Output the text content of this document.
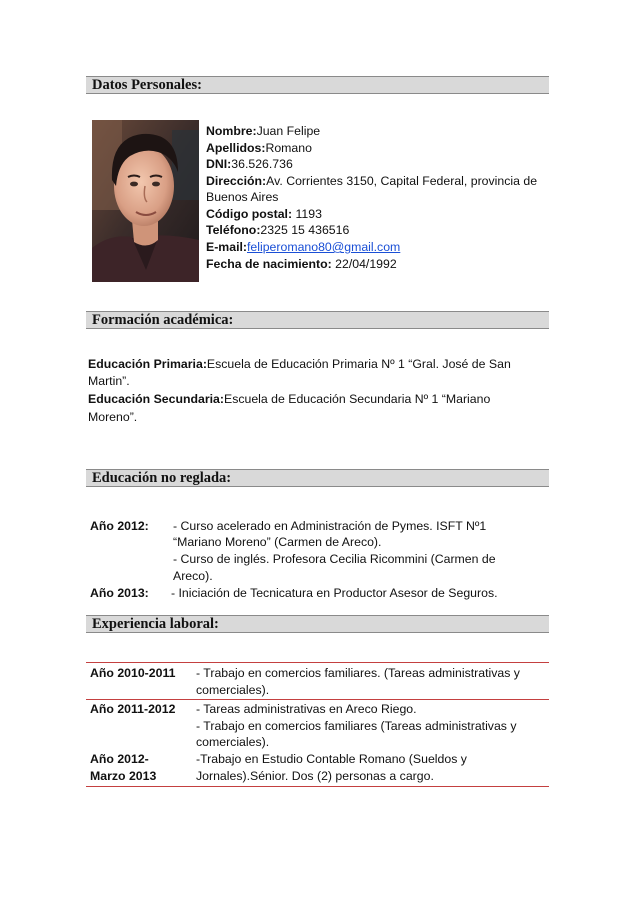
Datos Personales:
Nombre:Juan Felipe
Apellidos:Romano
DNI:36.526.736
Dirección:Av. Corrientes 3150, Capital Federal, provincia de
Buenos Aires
Código postal: 1193
Teléfono:2325 15 436516
E-mail:feliperomano80@gmail.com
Fecha de nacimiento: 22/04/1992
Formación académica:
Educación Primaria:Escuela de Educación Primaria Nº 1 “Gral. José de San
Martin”.
Educación Secundaria:Escuela de Educación Secundaria Nº 1 “Mariano
Moreno”.
Educación no reglada:
Año 2012: - Curso acelerado en Administración de Pymes. ISFT Nº1
“Mariano Moreno” (Carmen de Areco).
- Curso de inglés. Profesora Cecilia Ricommini (Carmen de
Areco).
Año 2013: - Iniciación de Tecnicatura en Productor Asesor de Seguros.
Experiencia laboral:
Año 2010-2011 - Trabajo en comercios familiares. (Tareas administrativas y
comerciales).
Año 2011-2012 - Tareas administrativas en Areco Riego.
- Trabajo en comercios familiares (Tareas administrativas y
comerciales).
Año 2012-
Marzo 2013
-Trabajo en Estudio Contable Romano (Sueldos y
Jornales).Sénior. Dos (2) personas a cargo.
